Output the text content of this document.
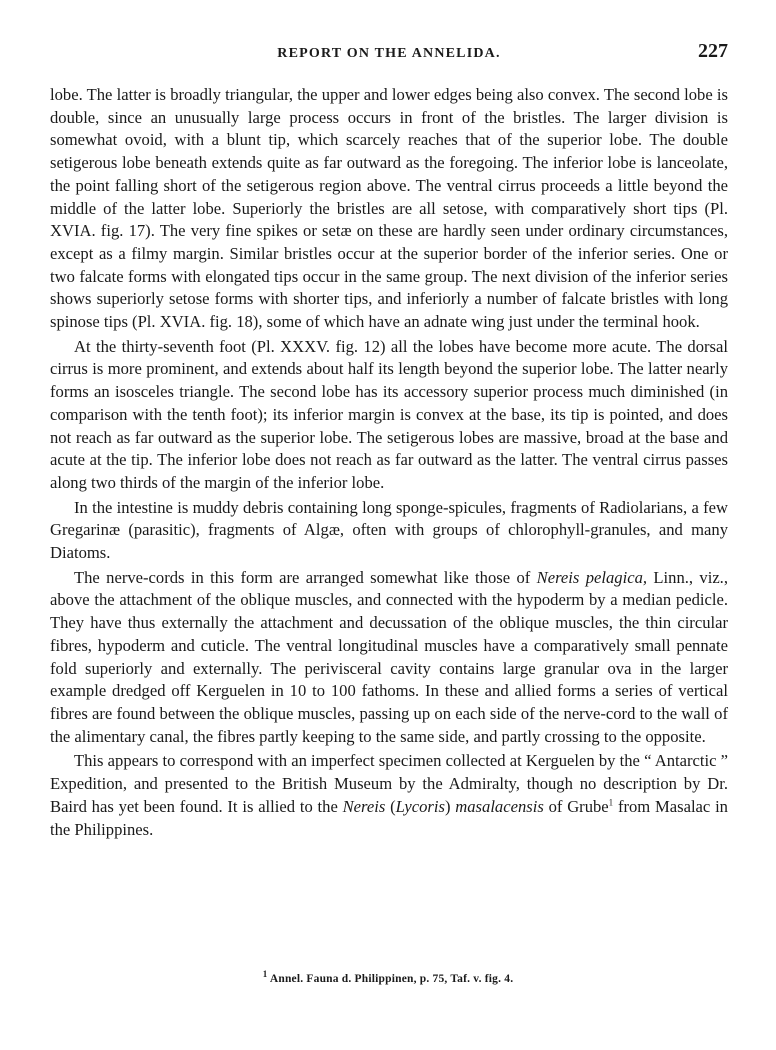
REPORT ON THE ANNELIDA.	227

lobe. The latter is broadly triangular, the upper and lower edges being also convex. The second lobe is double, since an unusually large process occurs in front of the bristles. The larger division is somewhat ovoid, with a blunt tip, which scarcely reaches that of the superior lobe. The double setigerous lobe beneath extends quite as far outward as the foregoing. The inferior lobe is lanceolate, the point falling short of the setigerous region above. The ventral cirrus proceeds a little beyond the middle of the latter lobe. Superiorly the bristles are all setose, with comparatively short tips (Pl. XVIA. fig. 17). The very fine spikes or setæ on these are hardly seen under ordinary circumstances, except as a filmy margin. Similar bristles occur at the superior border of the inferior series. One or two falcate forms with elongated tips occur in the same group. The next division of the inferior series shows superiorly setose forms with shorter tips, and inferiorly a number of falcate bristles with long spinose tips (Pl. XVIA. fig. 18), some of which have an adnate wing just under the terminal hook.

At the thirty-seventh foot (Pl. XXXV. fig. 12) all the lobes have become more acute. The dorsal cirrus is more prominent, and extends about half its length beyond the superior lobe. The latter nearly forms an isosceles triangle. The second lobe has its accessory superior process much diminished (in comparison with the tenth foot); its inferior margin is convex at the base, its tip is pointed, and does not reach as far outward as the superior lobe. The setigerous lobes are massive, broad at the base and acute at the tip. The inferior lobe does not reach as far outward as the latter. The ventral cirrus passes along two thirds of the margin of the inferior lobe.

In the intestine is muddy debris containing long sponge-spicules, fragments of Radiolarians, a few Gregarinæ (parasitic), fragments of Algæ, often with groups of chlorophyll-granules, and many Diatoms.

The nerve-cords in this form are arranged somewhat like those of Nereis pelagica, Linn., viz., above the attachment of the oblique muscles, and connected with the hypoderm by a median pedicle. They have thus externally the attachment and decussation of the oblique muscles, the thin circular fibres, hypoderm and cuticle. The ventral longitudinal muscles have a comparatively small pennate fold superiorly and externally. The perivisceral cavity contains large granular ova in the larger example dredged off Kerguelen in 10 to 100 fathoms. In these and allied forms a series of vertical fibres are found between the oblique muscles, passing up on each side of the nerve-cord to the wall of the alimentary canal, the fibres partly keeping to the same side, and partly crossing to the opposite.

This appears to correspond with an imperfect specimen collected at Kerguelen by the “ Antarctic ” Expedition, and presented to the British Museum by the Admiralty, though no description by Dr. Baird has yet been found. It is allied to the Nereis (Lycoris) masalacensis of Grube$^1$ from Masalac in the Philippines.

$^1$ Annel. Fauna d. Philippinen, p. 75, Taf. v. fig. 4.
